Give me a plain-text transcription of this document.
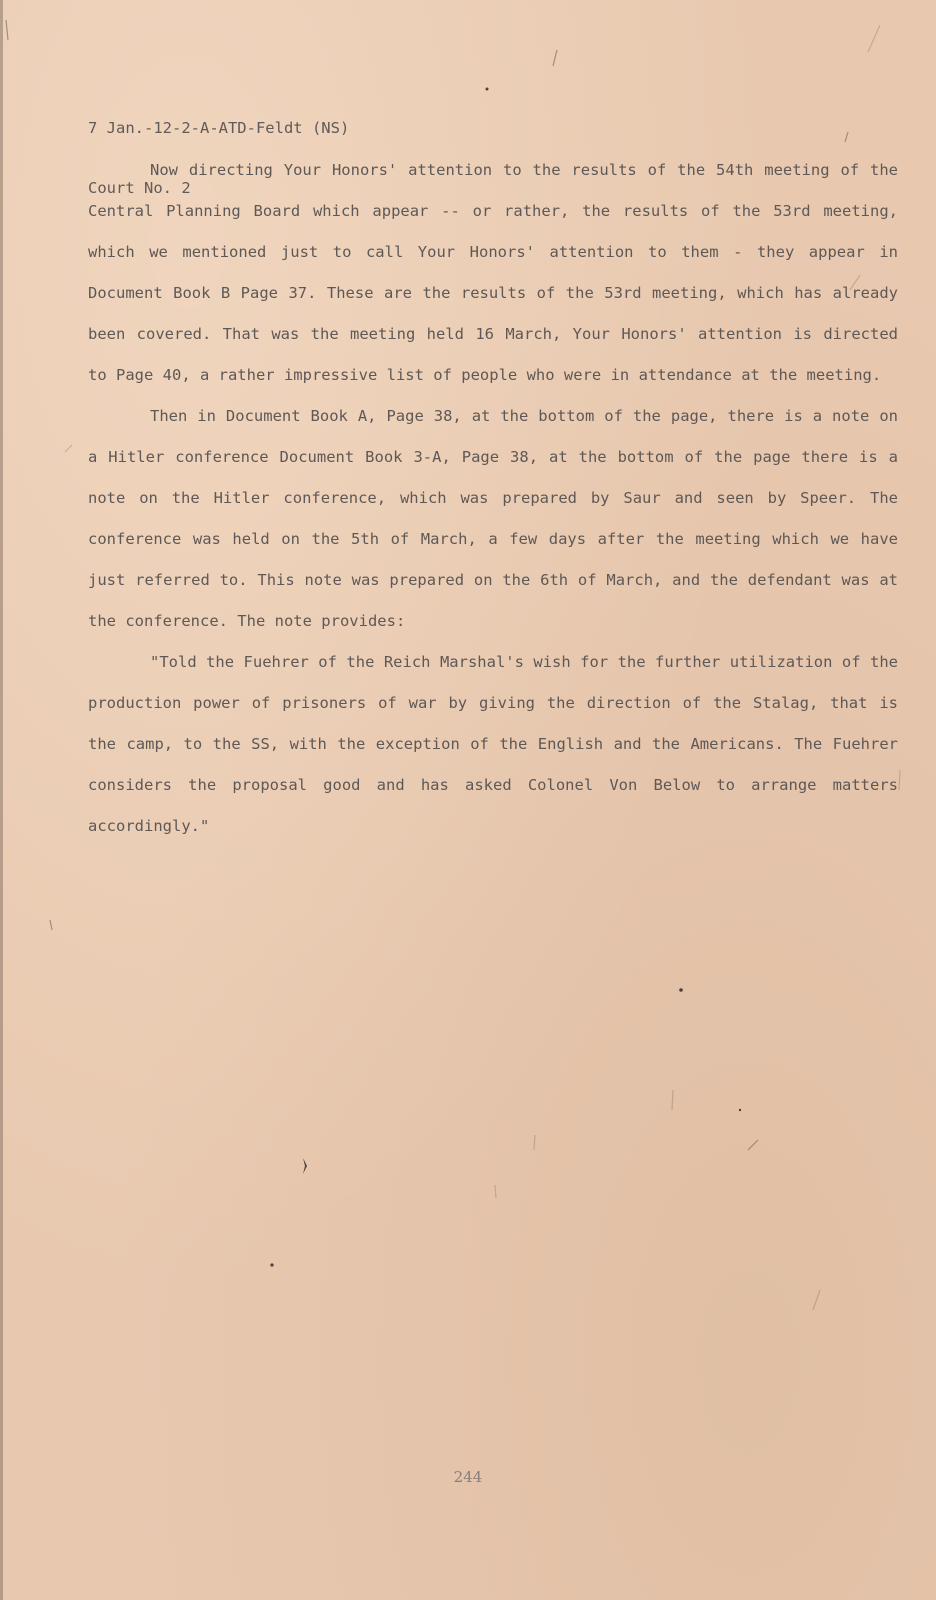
7 Jan.-12-2-A-ATD-Feldt (NS)

Court No. 2

Now directing Your Honors' attention to the results of the 54th meeting of the Central Planning Board which appear -- or rather, the results of the 53rd meeting, which we mentioned just to call Your Honors' attention to them - they appear in Document Book B Page 37. These are the results of the 53rd meeting, which has already been covered. That was the meeting held 16 March, Your Honors' attention is directed to Page 40, a rather impressive list of people who were in attendance at the meeting.

Then in Document Book A, Page 38, at the bottom of the page, there is a note on a Hitler conference Document Book 3-A, Page 38, at the bottom of the page there is a note on the Hitler conference, which was prepared by Saur and seen by Speer. The conference was held on the 5th of March, a few days after the meeting which we have just referred to. This note was prepared on the 6th of March, and the defendant was at the conference. The note provides:

"Told the Fuehrer of the Reich Marshal's wish for the further utilization of the production power of prisoners of war by giving the direction of the Stalag, that is the camp, to the SS, with the exception of the English and the Americans. The Fuehrer considers the proposal good and has asked Colonel Von Below to arrange matters accordingly."

244
